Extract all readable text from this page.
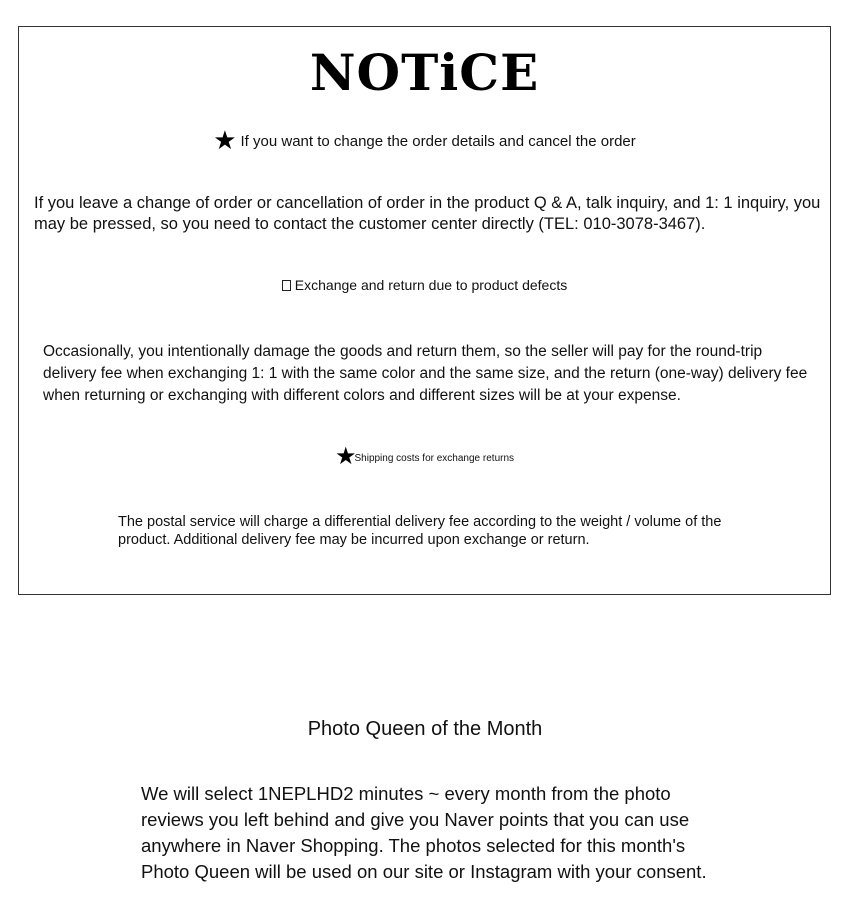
NOTiCE
★ If you want to change the order details and cancel the order
If you leave a change of order or cancellation of order in the product Q & A, talk inquiry, and 1: 1 inquiry, you may be pressed, so you need to contact the customer center directly (TEL: 010-3078-3467).
Exchange and return due to product defects
Occasionally, you intentionally damage the goods and return them, so the seller will pay for the round-trip delivery fee when exchanging 1: 1 with the same color and the same size, and the return (one-way) delivery fee when returning or exchanging with different colors and different sizes will be at your expense.
★Shipping costs for exchange returns
The postal service will charge a differential delivery fee according to the weight / volume of the product. Additional delivery fee may be incurred upon exchange or return.
Photo Queen of the Month
We will select 1NEPLHD2 minutes ~ every month from the photo reviews you left behind and give you Naver points that you can use anywhere in Naver Shopping. The photos selected for this month's Photo Queen will be used on our site or Instagram with your consent.
